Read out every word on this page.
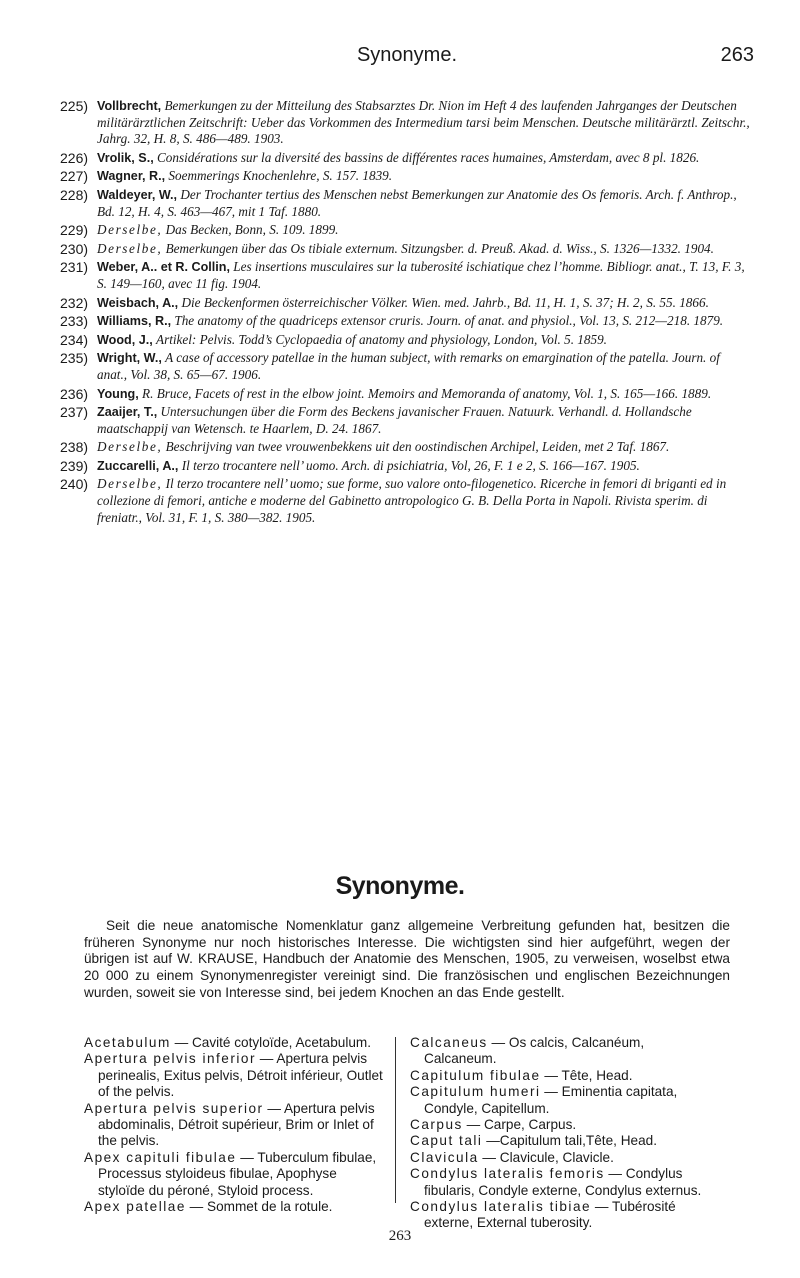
Synonyme.	263
225) Vollbrecht, Bemerkungen zu der Mitteilung des Stabsarztes Dr. Nion im Heft 4 des laufenden Jahrganges der Deutschen militärärztlichen Zeitschrift: Ueber das Vorkommen des Intermedium tarsi beim Menschen. Deutsche militärärztl. Zeitschr., Jahrg. 32, H. 8, S. 486—489. 1903.
226) Vrolik, S., Considérations sur la diversité des bassins de différentes races humaines, Amsterdam, avec 8 pl. 1826.
227) Wagner, R., Soemmerings Knochenlehre, S. 157. 1839.
228) Waldeyer, W., Der Trochanter tertius des Menschen nebst Bemerkungen zur Anatomie des Os femoris. Arch. f. Anthrop., Bd. 12, H. 4, S. 463—467, mit 1 Taf. 1880.
229) Derselbe, Das Becken, Bonn, S. 109. 1899.
230) Derselbe, Bemerkungen über das Os tibiale externum. Sitzungsber. d. Preuß. Akad. d. Wiss., S. 1326—1332. 1904.
231) Weber, A.. et R. Collin, Les insertions musculaires sur la tuberosité ischiatique chez l’homme. Bibliogr. anat., T. 13, F. 3, S. 149—160, avec 11 fig. 1904.
232) Weisbach, A., Die Beckenformen österreichischer Völker. Wien. med. Jahrb., Bd. 11, H. 1, S. 37; H. 2, S. 55. 1866.
233) Williams, R., The anatomy of the quadriceps extensor cruris. Journ. of anat. and physiol., Vol. 13, S. 212—218. 1879.
234) Wood, J., Artikel: Pelvis. Todd’s Cyclopaedia of anatomy and physiology, London, Vol. 5. 1859.
235) Wright, W., A case of accessory patellae in the human subject, with remarks on emargination of the patella. Journ. of anat., Vol. 38, S. 65—67. 1906.
236) Young, R. Bruce, Facets of rest in the elbow joint. Memoirs and Memoranda of anatomy, Vol. 1, S. 165—166. 1889.
237) Zaaijer, T., Untersuchungen über die Form des Beckens javanischer Frauen. Natuurk. Verhandl. d. Hollandsche maatschappij van Wetensch. te Haarlem, D. 24. 1867.
238) Derselbe, Beschrijving van twee vrouwenbekkens uit den oostindischen Archipel, Leiden, met 2 Taf. 1867.
239) Zuccarelli, A., Il terzo trocantere nell’ uomo. Arch. di psichiatria, Vol, 26, F. 1 e 2, S. 166—167. 1905.
240) Derselbe, Il terzo trocantere nell’ uomo; sue forme, suo valore onto-filogenetico. Ricerche in femori di briganti ed in collezione di femori, antiche e moderne del Gabinetto antropologico G. B. Della Porta in Napoli. Rivista sperim. di freniatr., Vol. 31, F. 1, S. 380—382. 1905.
Synonyme.
Seit die neue anatomische Nomenklatur ganz allgemeine Verbreitung gefunden hat, besitzen die früheren Synonyme nur noch historisches Interesse. Die wichtigsten sind hier aufgeführt, wegen der übrigen ist auf W. KRAUSE, Handbuch der Anatomie des Menschen, 1905, zu verweisen, woselbst etwa 20 000 zu einem Synonymenregister vereinigt sind. Die französischen und englischen Bezeichnungen wurden, soweit sie von Interesse sind, bei jedem Knochen an das Ende gestellt.
Acetabulum — Cavité cotyloïde, Acetabulum.
Apertura pelvis inferior — Apertura pelvis perinealis, Exitus pelvis, Détroit inférieur, Outlet of the pelvis.
Apertura pelvis superior — Apertura pelvis abdominalis, Détroit supérieur, Brim or Inlet of the pelvis.
Apex capituli fibulae — Tuberculum fibulae, Processus styloideus fibulae, Apophyse styloïde du péroné, Styloid process.
Apex patellae — Sommet de la rotule.
Calcaneus — Os calcis, Calcanéum, Calcaneum.
Capitulum fibulae — Tête, Head.
Capitulum humeri — Eminentia capitata, Condyle, Capitellum.
Carpus — Carpe, Carpus.
Caput tali —Capitulum tali,Tête, Head.
Clavicula — Clavicule, Clavicle.
Condylus lateralis femoris — Condylus fibularis, Condyle externe, Condylus externus.
Condylus lateralis tibiae — Tubérosité externe, External tuberosity.
263
